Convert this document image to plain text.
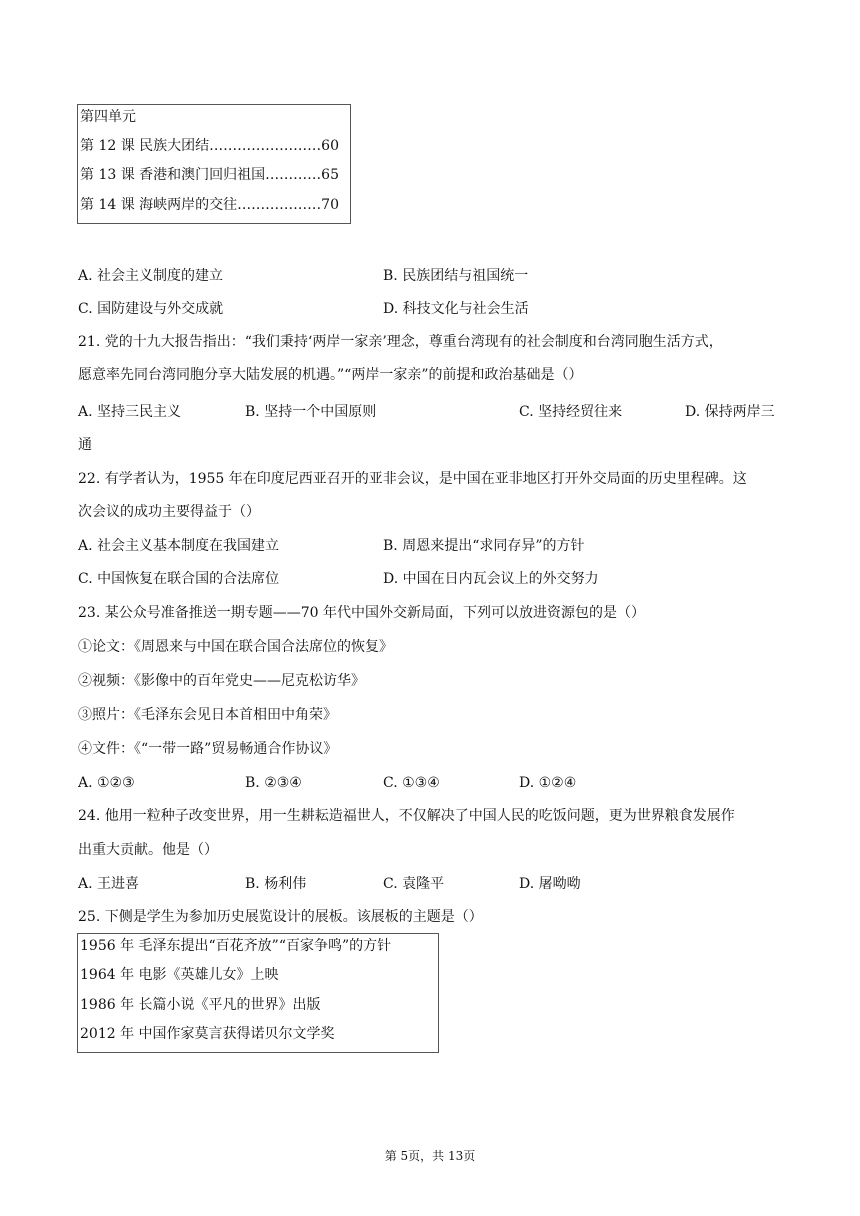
第四单元
第 12 课 民族大团结……………………60
第 13 课 香港和澳门回归祖国…………65
第 14 课 海峡两岸的交往………………70
A. 社会主义制度的建立	B. 民族团结与祖国统一
C. 国防建设与外交成就	D. 科技文化与社会生活
21. 党的十九大报告指出：“我们秉持‘两岸一家亲’理念，尊重台湾现有的社会制度和台湾同胞生活方式，
愿意率先同台湾同胞分享大陆发展的机遇。”“两岸一家亲”的前提和政治基础是（）
A. 坚持三民主义	B. 坚持一个中国原则	C. 坚持经贸往来	D. 保持两岸三
通
22. 有学者认为，1955 年在印度尼西亚召开的亚非会议，是中国在亚非地区打开外交局面的历史里程碑。这
次会议的成功主要得益于（）
A. 社会主义基本制度在我国建立	B. 周恩来提出“求同存异”的方针
C. 中国恢复在联合国的合法席位	D. 中国在日内瓦会议上的外交努力
23. 某公众号准备推送一期专题——70 年代中国外交新局面，下列可以放进资源包的是（）
①论文：《周恩来与中国在联合国合法席位的恢复》
②视频：《影像中的百年党史——尼克松访华》
③照片：《毛泽东会见日本首相田中角荣》
④文件：《“一带一路”贸易畅通合作协议》
A. ①②③	B. ②③④	C. ①③④	D. ①②④
24. 他用一粒种子改变世界，用一生耕耘造福世人，不仅解决了中国人民的吃饭问题，更为世界粮食发展作
出重大贡献。他是（）
A. 王进喜	B. 杨利伟	C. 袁隆平	D. 屠呦呦
25. 下侧是学生为参加历史展览设计的展板。该展板的主题是（）
1956 年 毛泽东提出“百花齐放”“百家争鸣”的方针
1964 年 电影《英雄儿女》上映
1986 年 长篇小说《平凡的世界》出版
2012 年 中国作家莫言获得诺贝尔文学奖
第 5页，共 13页
